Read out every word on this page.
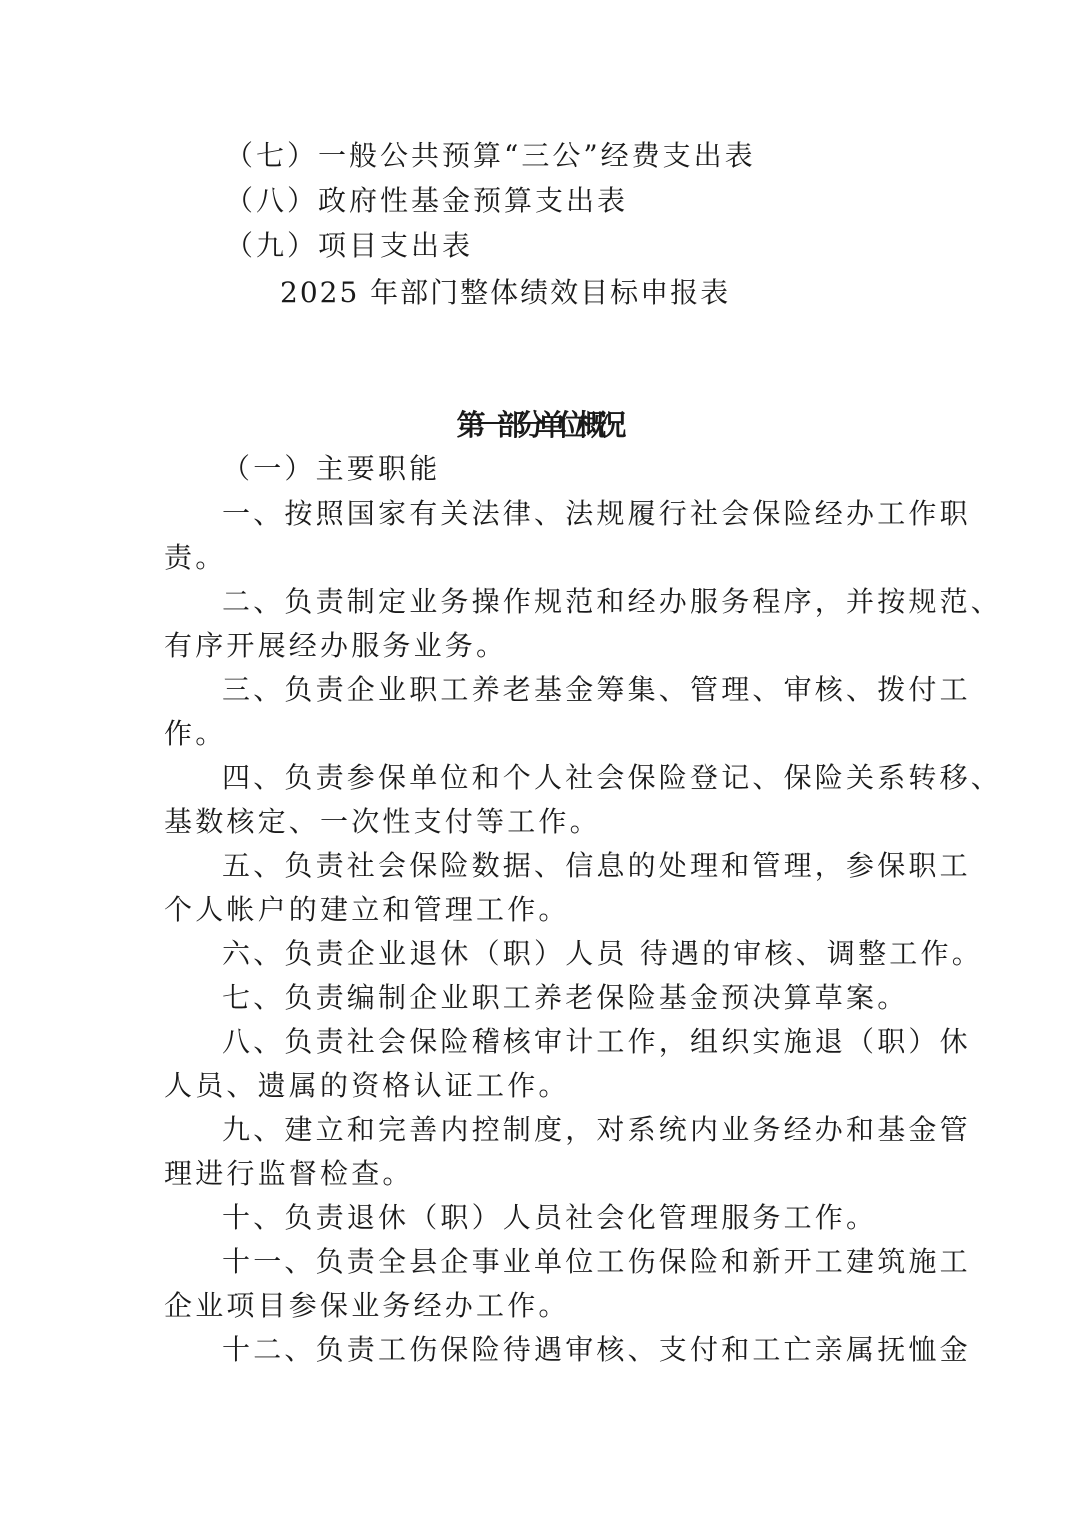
（七）一般公共预算“三公”经费支出表
（八）政府性基金预算支出表
（九）项目支出表
2025 年部门整体绩效目标申报表
第一部分 单位概况
（一）主要职能
一、按照国家有关法律、法规履行社会保险经办工作职
责。
二、负责制定业务操作规范和经办服务程序，并按规范、
有序开展经办服务业务。
三、负责企业职工养老基金筹集、管理、审核、拨付工
作。
四、负责参保单位和个人社会保险登记、保险关系转移、
基数核定、一次性支付等工作。
五、负责社会保险数据、信息的处理和管理，参保职工
个人帐户的建立和管理工作。
六、负责企业退休（职）人员 待遇的审核、调整工作。
七、负责编制企业职工养老保险基金预决算草案。
八、负责社会保险稽核审计工作，组织实施退（职）休
人员、遗属的资格认证工作。
九、建立和完善内控制度，对系统内业务经办和基金管
理进行监督检查。
十、负责退休（职）人员社会化管理服务工作。
十一、负责全县企事业单位工伤保险和新开工建筑施工
企业项目参保业务经办工作。
十二、负责工伤保险待遇审核、支付和工亡亲属抚恤金
